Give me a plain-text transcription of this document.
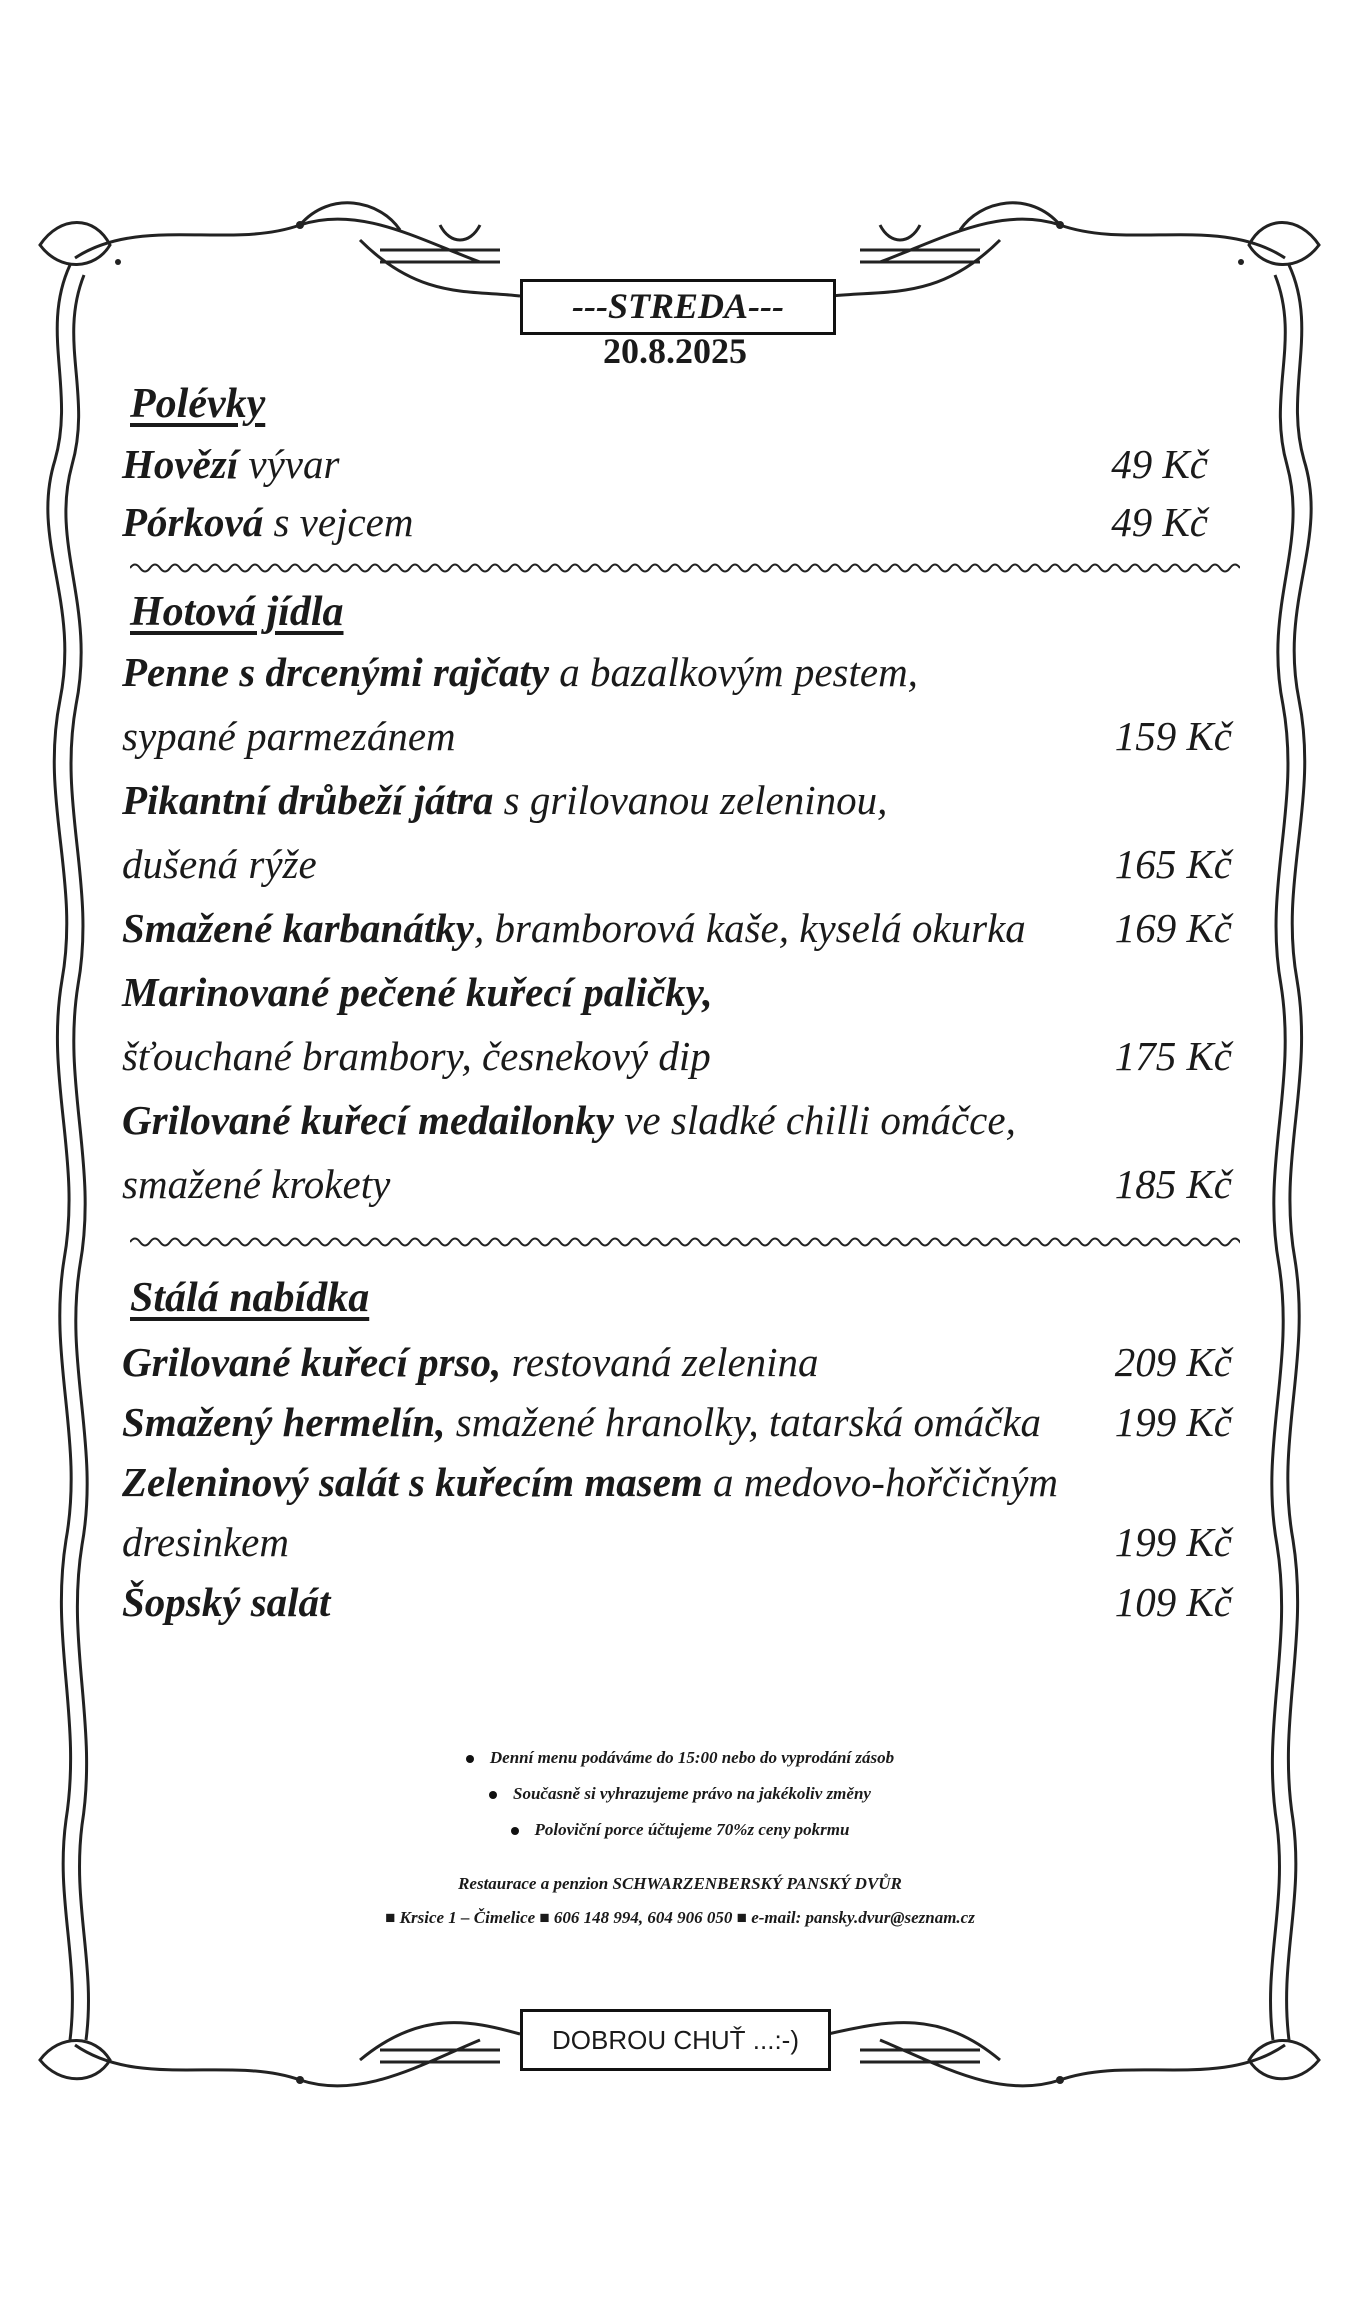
---STREDA---
20.8.2025
Polévky
Hovězí vývar	49 Kč
Pórková s vejcem	49 Kč
Hotová jídla
Penne s drcenými rajčaty a bazalkovým pestem,
sypané parmezánem	159 Kč
Pikantní drůbeží játra s grilovanou zeleninou,
dušená rýže	165 Kč
Smažené karbanátky, bramborová kaše, kyselá okurka 169 Kč
Marinované pečené kuřecí paličky,
šťouchané brambory, česnekový dip	175 Kč
Grilované kuřecí medailonky ve sladké chilli omáčce,
smažené krokety	185 Kč
Stálá nabídka
Grilované kuřecí prso, restovaná zelenina	209 Kč
Smažený hermelín, smažené hranolky, tatarská omáčka 199 Kč
Zeleninový salát s kuřecím masem a medovo-hořčičným
dresinkem	199 Kč
Šopský salát	109 Kč
Denní menu podáváme do 15:00 nebo do vyprodání zásob
Současně si vyhrazujeme právo na jakékoliv změny
Poloviční porce účtujeme 70%z ceny pokrmu
Restaurace a penzion SCHWARZENBERSKÝ PANSKÝ DVŮR
■ Krsice 1 – Čimelice ■ 606 148 994, 604 906 050 ■ e-mail: pansky.dvur@seznam.cz
DOBROU CHUŤ ...:-)
